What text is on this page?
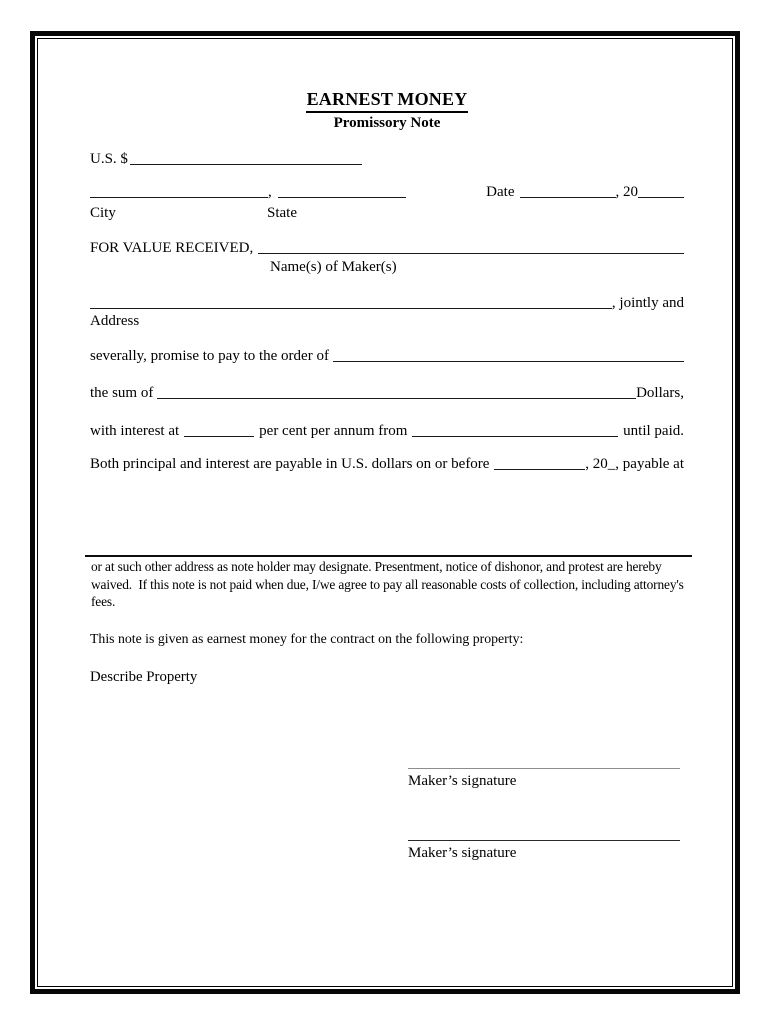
EARNEST MONEY
Promissory Note
U.S. $
,	Date	, 20
City	State
FOR VALUE RECEIVED,
Name(s) of Maker(s)
, jointly and
Address
severally, promise to pay to the order of
the sum of	Dollars,
with interest at	per cent per annum from	until paid.
Both principal and interest are payable in U.S. dollars on or before	, 20_, payable at
or at such other address as note holder may designate. Presentment, notice of dishonor, and protest are hereby waived.  If this note is not paid when due, I/we agree to pay all reasonable costs of collection, including attorney's fees.
This note is given as earnest money for the contract on the following property:
Describe Property
Maker’s signature
Maker’s signature
